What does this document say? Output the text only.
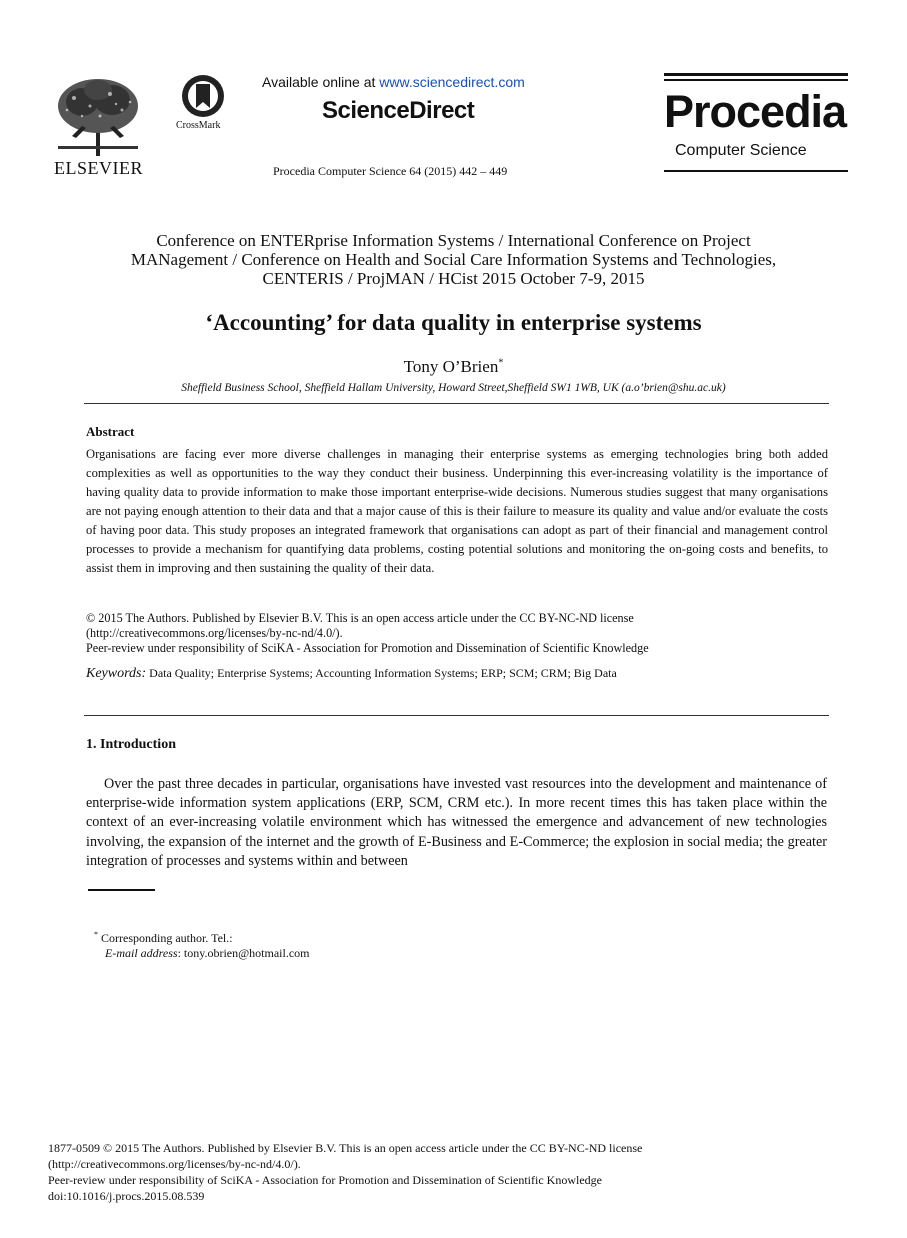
ELSEVIER
CrossMark
Available online at www.sciencedirect.com
ScienceDirect
Procedia Computer Science 64 (2015) 442 – 449
Procedia
Computer Science
Conference on ENTERprise Information Systems / International Conference on Project
MANagement / Conference on Health and Social Care Information Systems and Technologies,
CENTERIS / ProjMAN / HCist 2015 October 7-9, 2015
‘Accounting’ for data quality in enterprise systems
Tony O’Brien*
Sheffield Business School, Sheffield Hallam University, Howard Street,Sheffield SW1 1WB, UK (a.o’brien@shu.ac.uk)
Abstract
Organisations are facing ever more diverse challenges in managing their enterprise systems as emerging technologies bring both added complexities as well as opportunities to the way they conduct their business. Underpinning this ever-increasing volatility is the importance of having quality data to provide information to make those important enterprise-wide decisions. Numerous studies suggest that many organisations are not paying enough attention to their data and that a major cause of this is their failure to measure its quality and value and/or evaluate the costs of having poor data. This study proposes an integrated framework that organisations can adopt as part of their financial and management control processes to provide a mechanism for quantifying data problems, costing potential solutions and monitoring the on-going costs and benefits, to assist them in improving and then sustaining the quality of their data.
© 2015 The Authors. Published by Elsevier B.V. This is an open access article under the CC BY-NC-ND license
(http://creativecommons.org/licenses/by-nc-nd/4.0/).
Peer-review under responsibility of SciKA - Association for Promotion and Dissemination of Scientific Knowledge
Keywords: Data Quality; Enterprise Systems; Accounting Information Systems; ERP; SCM; CRM; Big Data
1. Introduction
Over the past three decades in particular, organisations have invested vast resources into the development and maintenance of enterprise-wide information system applications (ERP, SCM, CRM etc.). In more recent times this has taken place within the context of an ever-increasing volatile environment which has witnessed the emergence and advancement of new technologies involving, the expansion of the internet and the growth of E-Business and E-Commerce; the explosion in social media; the greater integration of processes and systems within and between
* Corresponding author. Tel.:
E-mail address: tony.obrien@hotmail.com
1877-0509 © 2015 The Authors. Published by Elsevier B.V. This is an open access article under the CC BY-NC-ND license
(http://creativecommons.org/licenses/by-nc-nd/4.0/).
Peer-review under responsibility of SciKA - Association for Promotion and Dissemination of Scientific Knowledge
doi:10.1016/j.procs.2015.08.539
